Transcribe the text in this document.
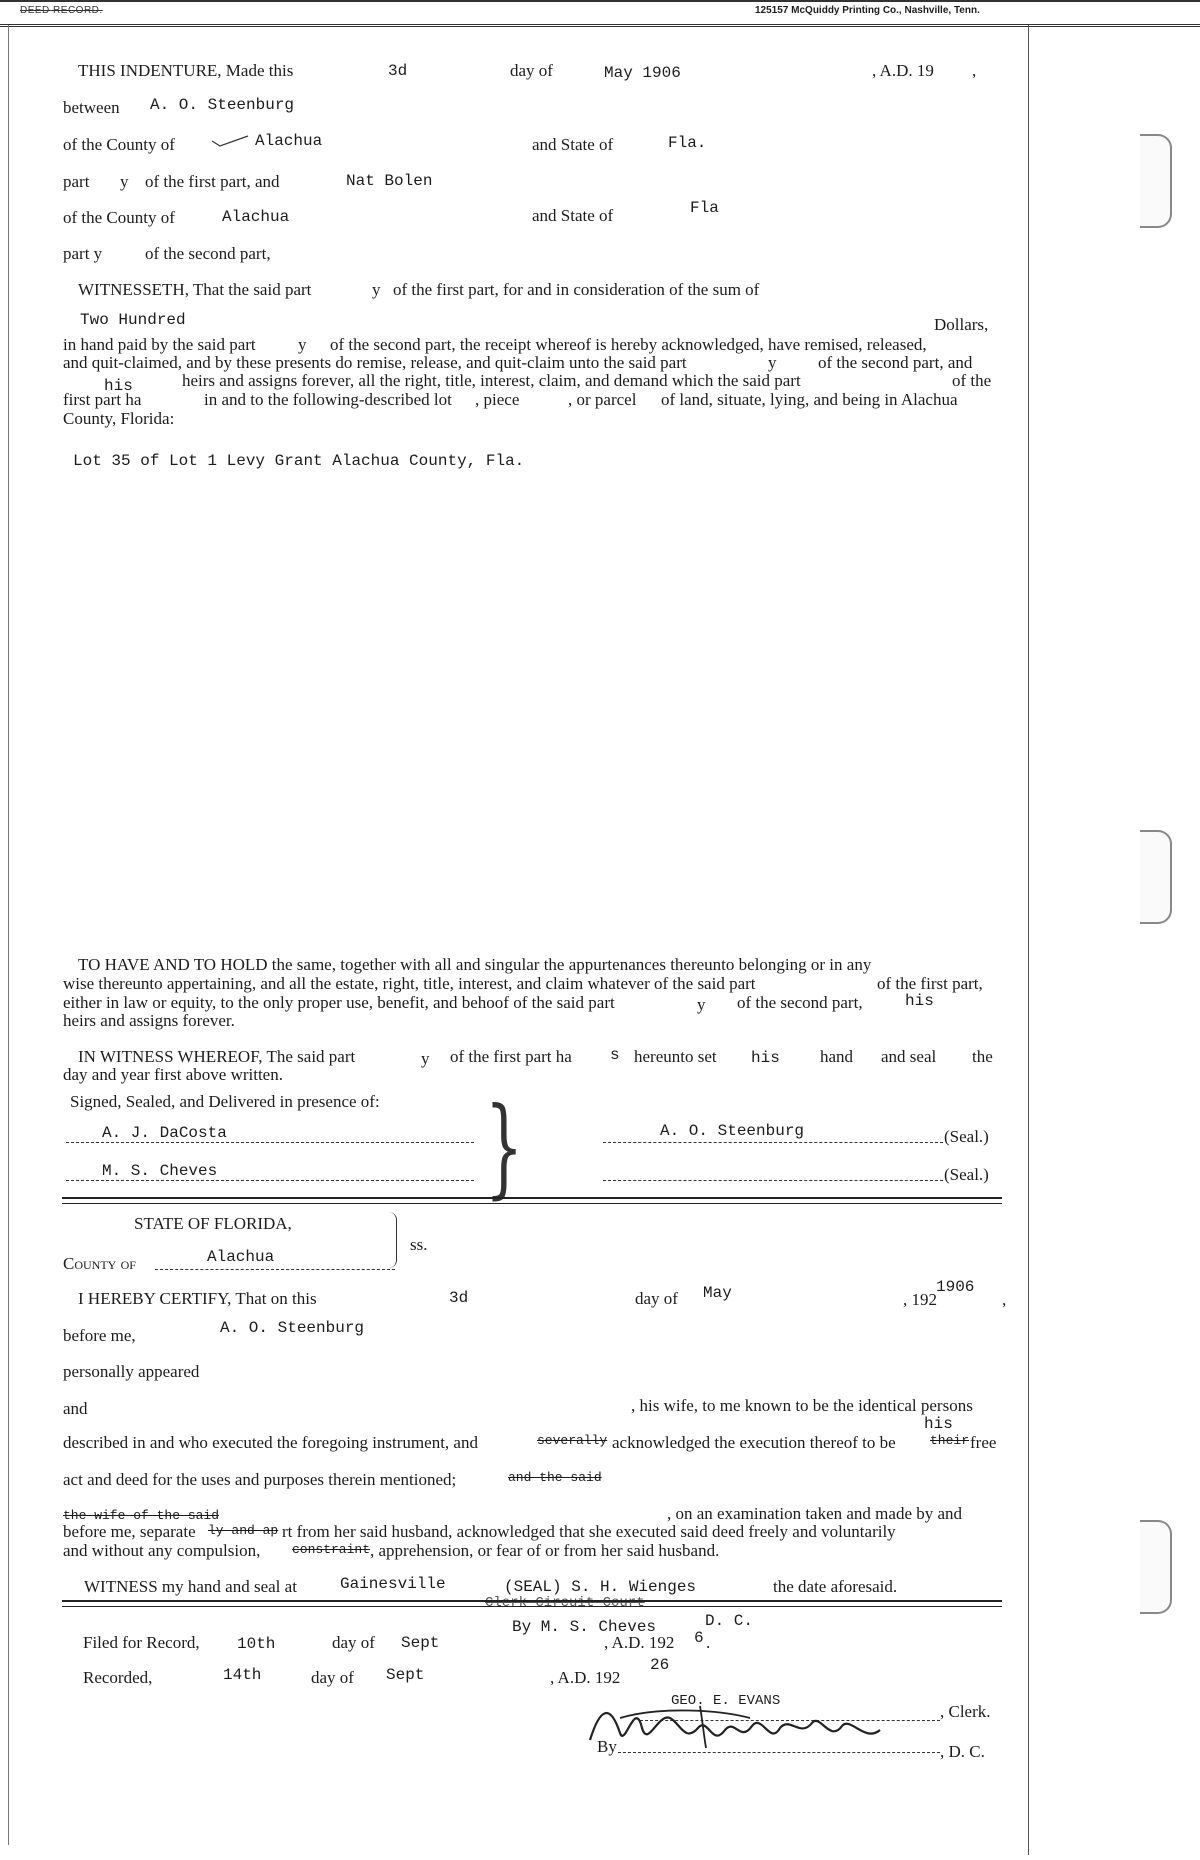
DEED RECORD.	125157 McQuiddy Printing Co., Nashville, Tenn.
THIS INDENTURE, Made this	3d	day of	May 1906	, A.D. 19 ,
between A. O. Steenburg
of the County of	Alachua	and State of	Fla.
part y of the first part, and	Nat Bolen
of the County of	Alachua	and State of	Fla
part y	of the second part,
WITNESSETH, That the said part	y of the first part, for and in consideration of the sum of
Two Hundred	Dollars,
in hand paid by the said part y of the second part, the receipt whereof is hereby acknowledged, have remised, released,
and quit-claimed, and by these presents do remise, release, and quit-claim unto the said part	y of the second part, and
his	heirs and assigns forever, all the right, title, interest, claim, and demand which the said part	of the
first part ha	in and to the following-described lot , piece	, or parcel of land, situate, lying, and being in Alachua
County, Florida:
Lot 35 of Lot 1 Levy Grant Alachua County, Fla.
TO HAVE AND TO HOLD the same, together with all and singular the appurtenances thereunto belonging or in any
wise thereunto appertaining, and all the estate, right, title, interest, and claim whatever of the said part	of the first part,
either in law or equity, to the only proper use, benefit, and behoof of the said part	y of the second part,	his
heirs and assigns forever.
IN WITNESS WHEREOF, The said part	y of the first part ha s hereunto set his hand and seal the
day and year first above written.
Signed, Sealed, and Delivered in presence of: }
A. J. DaCosta
M. S. Cheves
A. O. Steenburg	(Seal.)
(Seal.)
STATE OF FLORIDA,
ss.
County of	Alachua
I HEREBY CERTIFY, That on this	3d	day of May	, 192
1906
,
before me,	A. O. Steenburg
personally appeared
and	, his wife, to me known to be the identical persons
his
described in and who executed the foregoing instrument, and	severally acknowledged the execution thereof to be	their free
act and deed for the uses and purposes therein mentioned;	and the said
the wife of the said	, on an examination taken and made by and
before me, separate ly and ap rt from her said husband, acknowledged that she executed said deed freely and voluntarily
and without any compulsion, constraint , apprehension, or fear of or from her said husband.
WITNESS my hand and seal at	Gainesville	(SEAL) S. H. Wienges
Clerk Circuit Court
the date aforesaid.
By M. S. Cheves	D. C.
Filed for Record, 10th	day of Sept	, A.D. 192 6 .
Recorded,	14th	day of Sept	, A.D. 192
26
GEO. E. EVANS
, Clerk.
By	, D. C.
